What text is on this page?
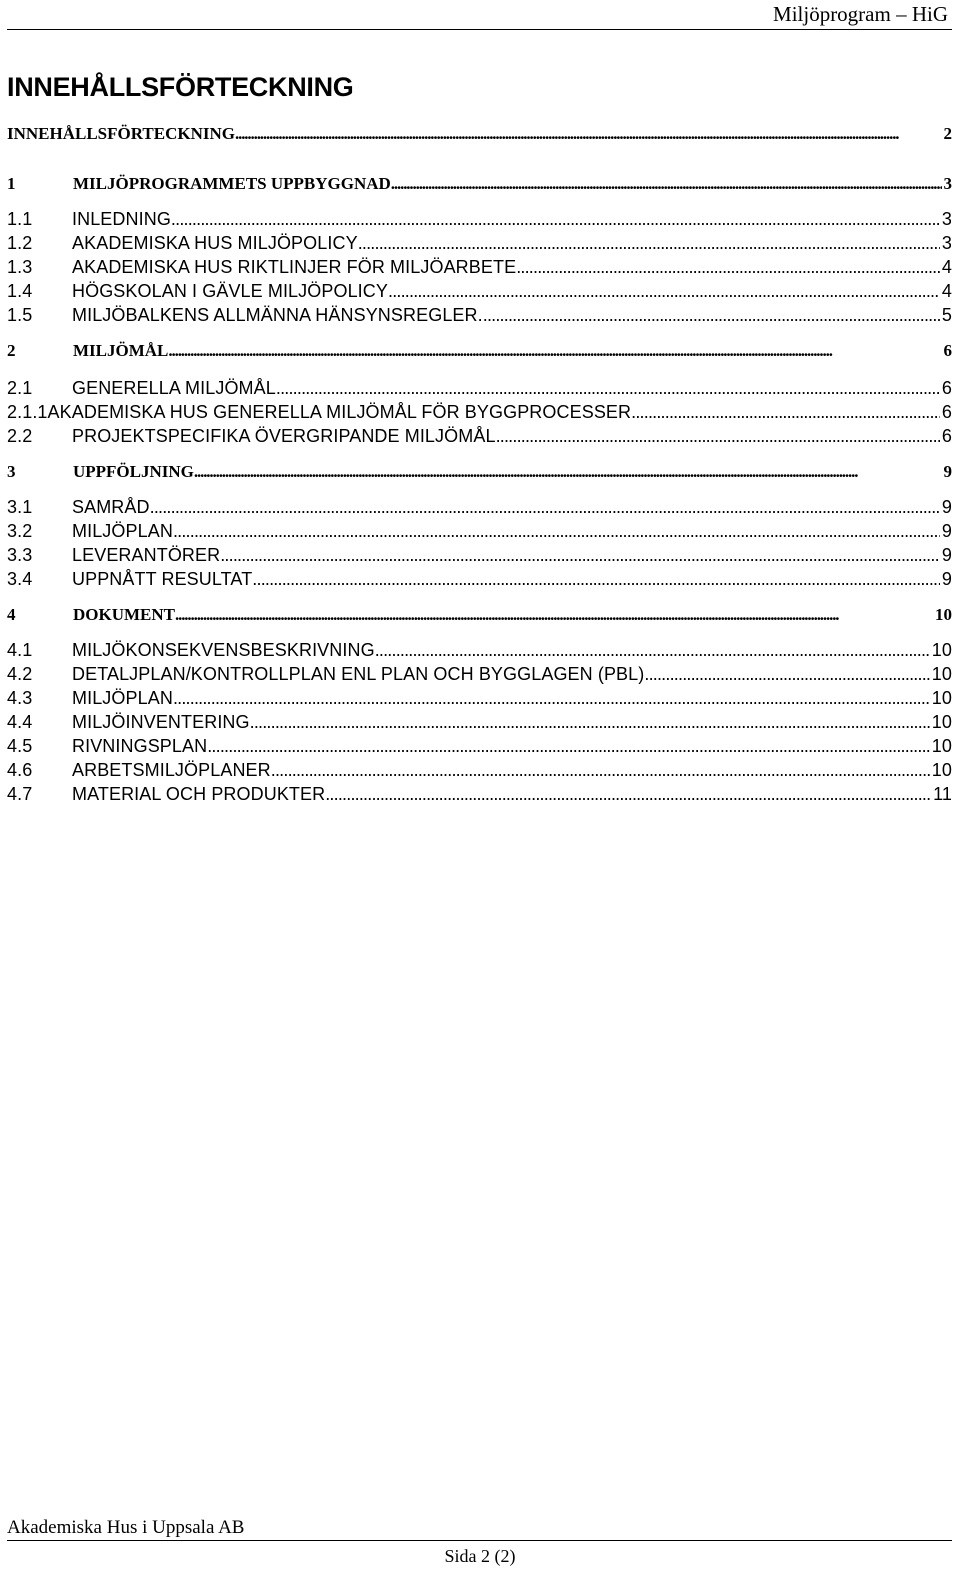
Miljöprogram – HiG
INNEHÅLLSFÖRTECKNING
INNEHÅLLSFÖRTECKNING . . .	2
1	MILJÖPROGRAMMETS UPPBYGGNAD . . .	3
1.1	INLEDNING . . .	3
1.2	AKADEMISKA HUS MILJÖPOLICY . . .	3
1.3	AKADEMISKA HUS RIKTLINJER FÖR MILJÖARBETE . . .	4
1.4	HÖGSKOLAN I GÄVLE MILJÖPOLICY . . .	4
1.5	MILJÖBALKENS ALLMÄNNA HÄNSYNSREGLER. . . .	5
2	MILJÖMÅL . . .	6
2.1	GENERELLA MILJÖMÅL . . .	6
2.1.1 AKADEMISKA HUS GENERELLA MILJÖMÅL FÖR BYGGPROCESSER . . .	6
2.2	PROJEKTSPECIFIKA ÖVERGRIPANDE MILJÖMÅL . . .	6
3	UPPFÖLJNING . . .	9
3.1	SAMRÅD . . .	9
3.2	MILJÖPLAN . . .	9
3.3	LEVERANTÖRER . . .	9
3.4	UPPNÅTT RESULTAT . . .	9
4	DOKUMENT . . .	10
4.1	MILJÖKONSEKVENSBESKRIVNING . . .	10
4.2	DETALJPLAN/KONTROLLPLAN ENL PLAN OCH BYGGLAGEN (PBL) . . .	10
4.3	MILJÖPLAN . . .	10
4.4	MILJÖINVENTERING . . .	10
4.5	RIVNINGSPLAN . . .	10
4.6	ARBETSMILJÖPLANER . . .	10
4.7	MATERIAL OCH PRODUKTER . . .	11
Akademiska Hus i Uppsala AB
Sida 2 (2)
